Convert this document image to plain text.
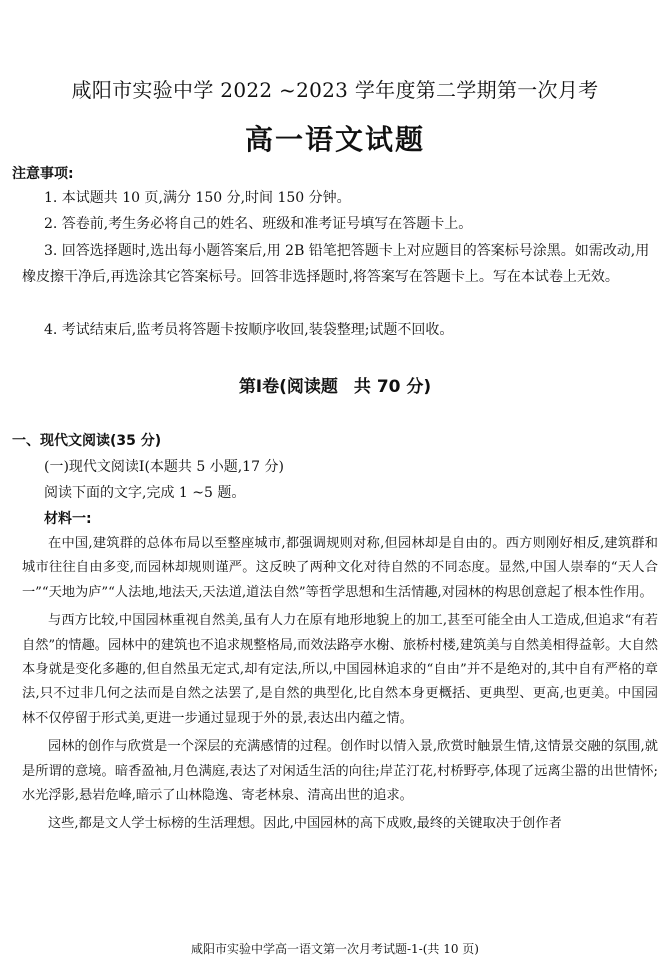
咸阳市实验中学 2022 ~2023 学年度第二学期第一次月考
高一语文试题
注意事项:
1. 本试题共 10 页,满分 150 分,时间 150 分钟。
2. 答卷前,考生务必将自己的姓名、班级和准考证号填写在答题卡上。
3. 回答选择题时,选出每小题答案后,用 2B 铅笔把答题卡上对应题目的答案标号涂黑。如需改动,用橡皮擦干净后,再选涂其它答案标号。回答非选择题时,将答案写在答题卡上。写在本试卷上无效。
4. 考试结束后,监考员将答题卡按顺序收回,装袋整理;试题不回收。
第Ⅰ卷(阅读题 共 70 分)
一、现代文阅读(35 分)
(一)现代文阅读Ⅰ(本题共 5 小题,17 分)
阅读下面的文字,完成 1 ~5 题。
材料一:

在中国,建筑群的总体布局以至整座城市,都强调规则对称,但园林却是自由的。西方则刚好相反,建筑群和城市往往自由多变,而园林却规则谨严。这反映了两种文化对待自然的不同态度。显然,中国人崇奉的“天人合一”“天地为庐”“人法地,地法天,天法道,道法自然”等哲学思想和生活情趣,对园林的构思创意起了根本性作用。

与西方比较,中国园林重视自然美,虽有人力在原有地形地貌上的加工,甚至可能全由人工造成,但追求“有若自然”的情趣。园林中的建筑也不追求规整格局,而效法路亭水榭、旅桥村楼,建筑美与自然美相得益彰。大自然本身就是变化多趣的,但自然虽无定式,却有定法,所以,中国园林追求的“自由”并不是绝对的,其中自有严格的章法,只不过非几何之法而是自然之法罢了,是自然的典型化,比自然本身更概括、更典型、更高,也更美。中国园林不仅停留于形式美,更进一步通过显现于外的景,表达出内蕴之情。

园林的创作与欣赏是一个深层的充满感情的过程。创作时以情入景,欣赏时触景生情,这情景交融的氛围,就是所谓的意境。暗香盈袖,月色满庭,表达了对闲适生活的向往;岸芷汀花,村桥野亭,体现了远离尘嚣的出世情怀;水光浮影,悬岩危峰,暗示了山林隐逸、寄老林泉、清高出世的追求。

这些,都是文人学士标榜的生活理想。因此,中国园林的高下成败,最终的关键取决于创作者

咸阳市实验中学高一语文第一次月考试题-1-(共 10 页)
